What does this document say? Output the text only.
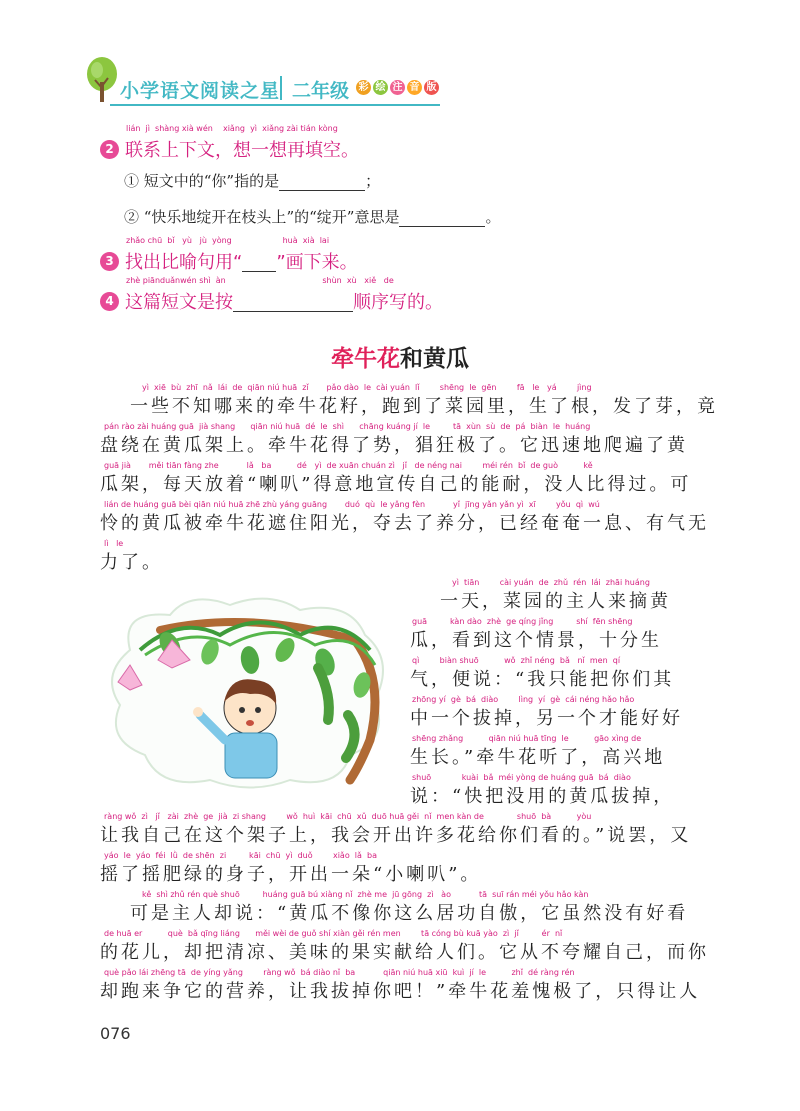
小学语文阅读之星 二年级 彩 绘 注 音 版
lián  jì  shàng xià wén    xiǎng  yì  xiǎng zài tián kòng
2 联系上下文，想一想再填空。
① 短文中的“你”指的是
	；
② “快乐地绽开在枝头上”的“绽开”意思是
	。
zhǎo chū  bǐ   yù   jù  yòng                    huà  xià  lai
3 找出比喻句用“
”画下来。
zhè piānduǎnwén shì  àn                                      shùn  xù   xiě   de
4 这篇短文是按
	顺序写的。
牵牛花和黄瓜
yì  xiē  bù  zhī  nǎ  lái  de  qiān niú huā  zǐ       pǎo dào  le  cài yuán  lǐ        shēng  le  gēn        fā   le   yá        jìng
一些不知哪来的牵牛花籽，跑到了菜园里，生了根，发了芽，竟
pán rào zài huáng guā  jià shang      qiān niú huā  dé  le  shì      chāng kuáng jí  le         tā  xùn  sù  de  pá  biàn  le  huáng
盘绕在黄瓜架上。牵牛花得了势，猖狂极了。它迅速地爬遍了黄
guā jià       měi tiān fàng zhe           lǎ   ba          dé   yì  de xuān chuán zì   jǐ   de néng nai        méi rén  bǐ  de guò          kě
瓜架，每天放着“喇叭”得意地宣传自己的能耐，没人比得过。可
lián de huáng guā bèi qiān niú huā zhē zhù yáng guāng       duó  qù  le yǎng fèn           yǐ  jīng yǎn yǎn yì  xī        yǒu  qì  wú
怜的黄瓜被牵牛花遮住阳光，夺去了养分，已经奄奄一息、有气无
lì   le
力了。
yì  tiān        cài yuán  de  zhǔ  rén  lái  zhāi huáng
一天，菜园的主人来摘黄
guā         kàn dào  zhè  ge qíng jǐng         shí  fēn shēng
瓜，看到这个情景，十分生
qì        biàn shuō          wǒ  zhǐ néng  bǎ   nǐ  men  qí
气，便说：“我只能把你们其
zhōng yí  gè  bá  diào        lìng  yí  gè  cái néng hǎo hǎo
中一个拔掉，另一个才能好好
shēng zhǎng          qiān niú huā tīng  le          gāo xìng de
生长。”牵牛花听了，高兴地
shuō            kuài  bǎ  méi yòng de huáng guā  bá  diào
说：“快把没用的黄瓜拔掉，
ràng wǒ  zì   jǐ   zài  zhè  ge  jià  zi shang        wǒ  huì  kāi  chū  xǔ  duō huā gěi  nǐ  men kàn de             shuō  bà          yòu
让我自己在这个架子上，我会开出许多花给你们看的。”说罢，又
yáo  le  yáo  féi  lǜ  de shēn  zi         kāi  chū  yì  duǒ        xiǎo  lǎ  ba
摇了摇肥绿的身子，开出一朵“小喇叭”。
kě  shì zhǔ rén què shuō         huáng guā bú xiàng nǐ  zhè me  jū gōng  zì   ào           tā  suī rán méi yǒu hǎo kàn
可是主人却说：“黄瓜不像你这么居功自傲，它虽然没有好看
de huā er          què  bǎ qīng liáng      měi wèi de guǒ shí xiàn gěi rén men        tā cóng bù kuā yào  zì  jǐ         ér  nǐ
的花儿，却把清凉、美味的果实献给人们。它从不夸耀自己，而你
què pǎo lái zhēng tā  de yíng yǎng        ràng wǒ  bá diào nǐ  ba           qiān niú huā xiū  kuì  jí  le          zhǐ  dé ràng rén
却跑来争它的营养，让我拔掉你吧！”牵牛花羞愧极了，只得让人
076
